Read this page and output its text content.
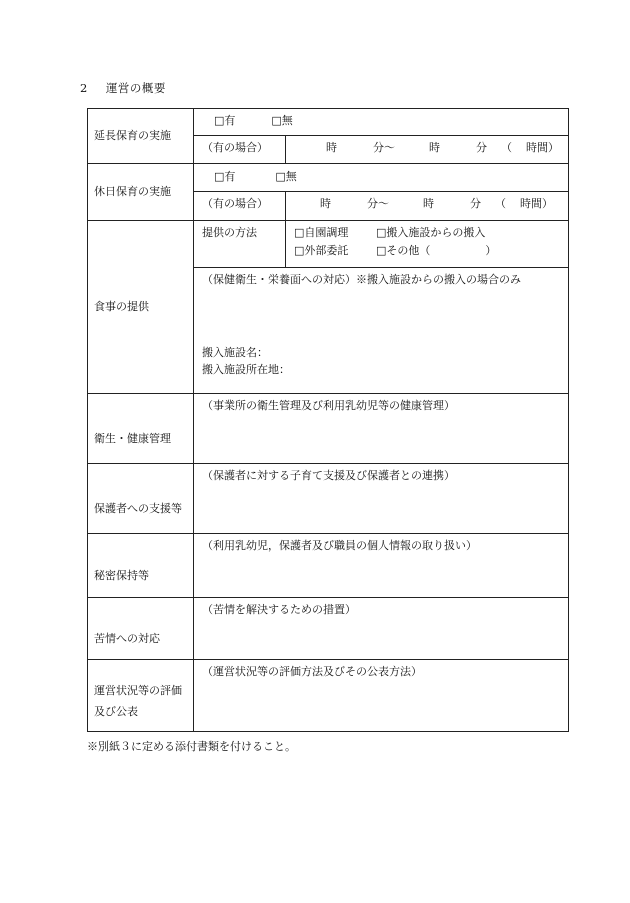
2 運営の概要
延長保育の実施	□有 □無	

	（有の場合）	時 分～ 時 分 （ 時間）

休日保育の実施	□有 □無	

	（有の場合）	時 分～ 時 分 （ 時間）

食事の提供	提供の方法	□自園調理 □搬入施設からの搬入
□外部委託 □その他（　　　　　）

	（保健衛生・栄養面への対応）※搬入施設からの搬入の場合のみ
搬入施設名：
搬入施設所在地：	

衛生・健康管理	（事業所の衛生管理及び利用乳幼児等の健康管理）	

保護者への支援等	（保護者に対する子育て支援及び保護者との連携）	

秘密保持等	（利用乳幼児，保護者及び職員の個人情報の取り扱い）	

苦情への対応	（苦情を解決するための措置）	

運営状況等の評価
及び公表	（運営状況等の評価方法及びその公表方法）	
※別紙３に定める添付書類を付けること。
